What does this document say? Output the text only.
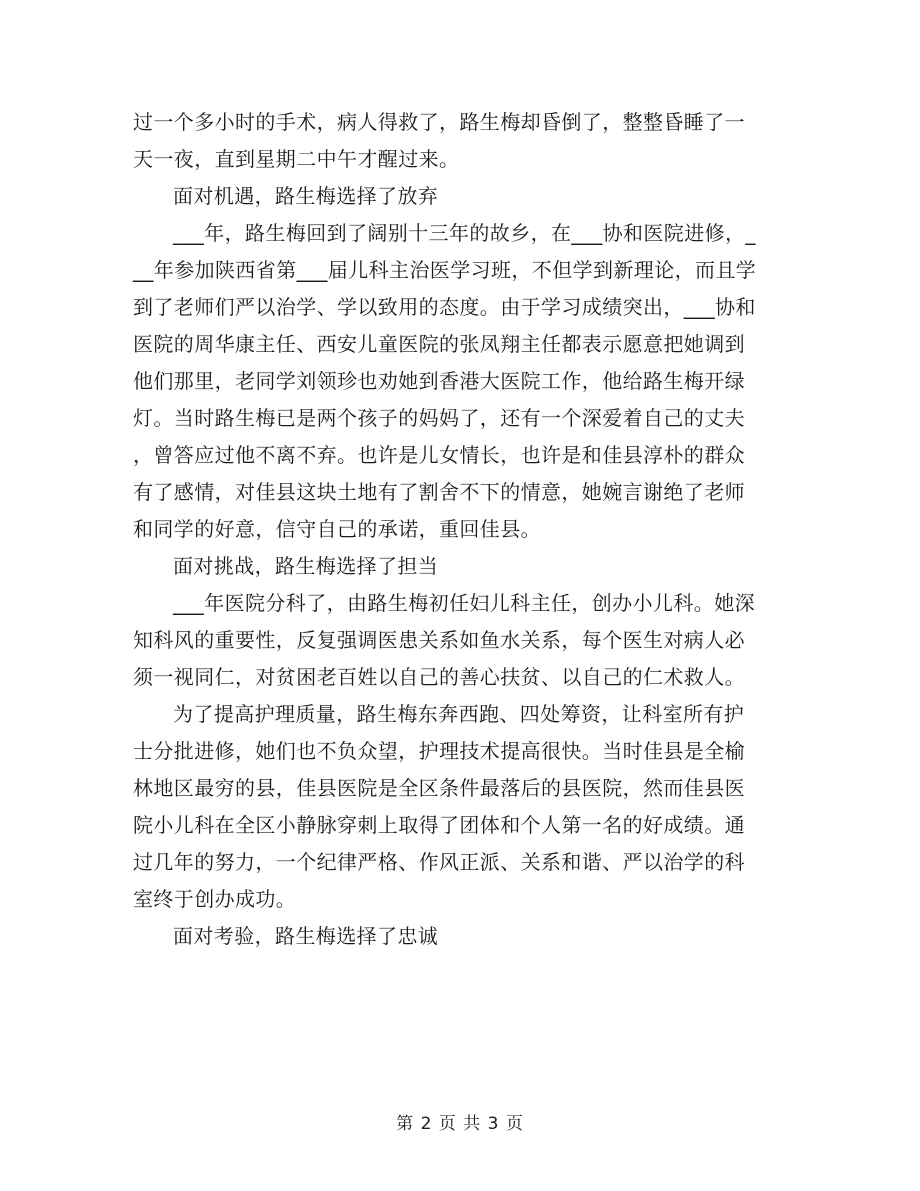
过一个多小时的手术，病人得救了，路生梅却昏倒了，整整昏睡了一

天一夜，直到星期二中午才醒过来。

面对机遇，路生梅选择了放弃

___年，路生梅回到了阔别十三年的故乡，在___协和医院进修，_

__年参加陕西省第___届儿科主治医学习班，不但学到新理论，而且学

到了老师们严以治学、学以致用的态度。由于学习成绩突出，___协和

医院的周华康主任、西安儿童医院的张凤翔主任都表示愿意把她调到

他们那里，老同学刘领珍也劝她到香港大医院工作，他给路生梅开绿

灯。当时路生梅已是两个孩子的妈妈了，还有一个深爱着自己的丈夫

，曾答应过他不离不弃。也许是儿女情长，也许是和佳县淳朴的群众

有了感情，对佳县这块土地有了割舍不下的情意，她婉言谢绝了老师

和同学的好意，信守自己的承诺，重回佳县。

面对挑战，路生梅选择了担当

___年医院分科了，由路生梅初任妇儿科主任，创办小儿科。她深

知科风的重要性，反复强调医患关系如鱼水关系，每个医生对病人必

须一视同仁，对贫困老百姓以自己的善心扶贫、以自己的仁术救人。

为了提高护理质量，路生梅东奔西跑、四处筹资，让科室所有护

士分批进修，她们也不负众望，护理技术提高很快。当时佳县是全榆

林地区最穷的县，佳县医院是全区条件最落后的县医院，然而佳县医

院小儿科在全区小静脉穿刺上取得了团体和个人第一名的好成绩。通

过几年的努力，一个纪律严格、作风正派、关系和谐、严以治学的科

室终于创办成功。

面对考验，路生梅选择了忠诚

第 2 页 共 3 页
